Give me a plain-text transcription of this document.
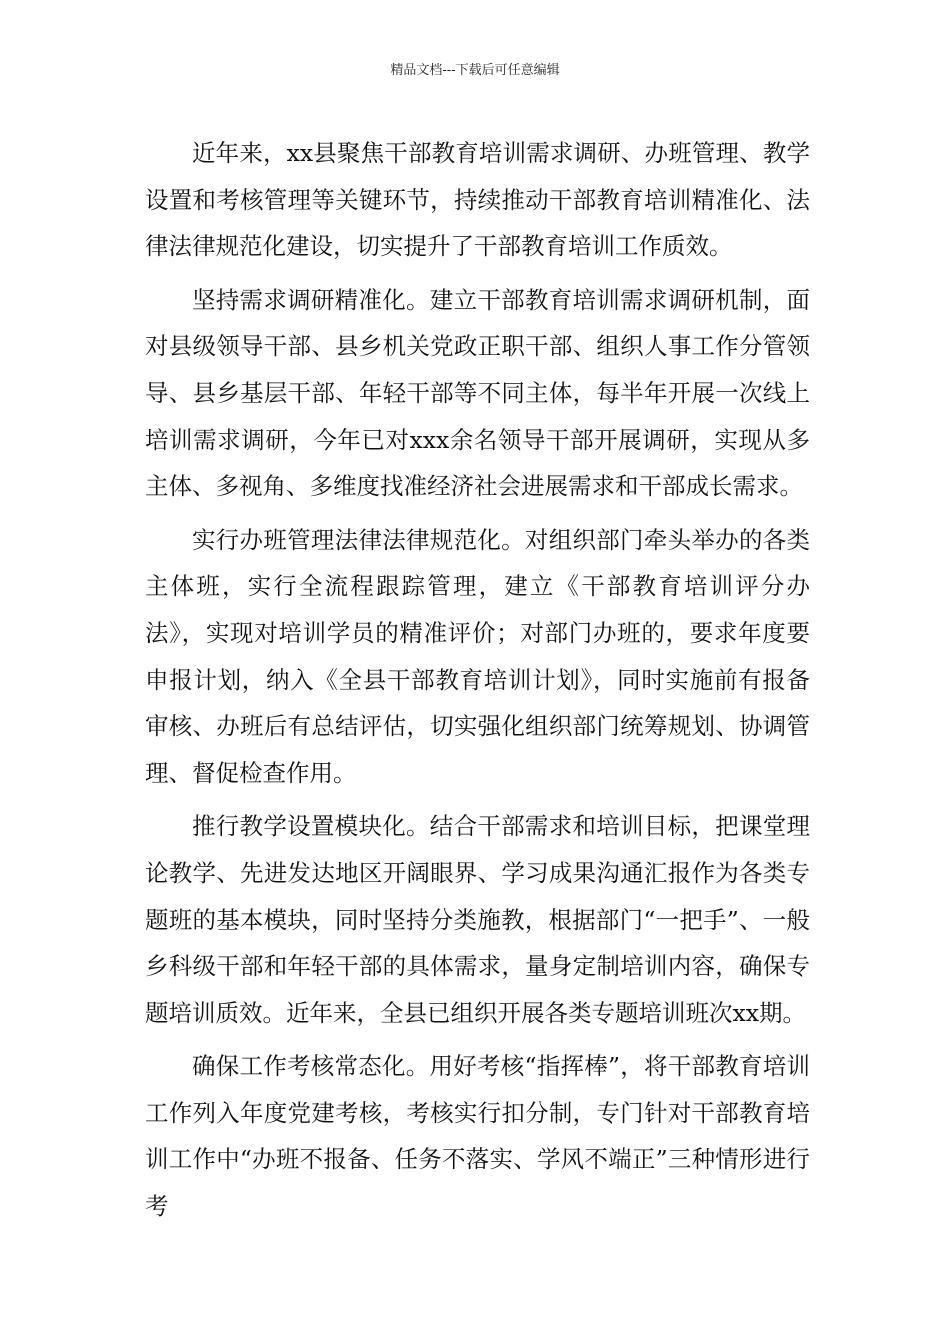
精品文档---下载后可任意编辑

近年来，xx县聚焦干部教育培训需求调研、办班管理、教学设置和考核管理等关键环节，持续推动干部教育培训精准化、法律法律规范化建设，切实提升了干部教育培训工作质效。

坚持需求调研精准化。建立干部教育培训需求调研机制，面对县级领导干部、县乡机关党政正职干部、组织人事工作分管领导、县乡基层干部、年轻干部等不同主体，每半年开展一次线上培训需求调研，今年已对xxx余名领导干部开展调研，实现从多主体、多视角、多维度找准经济社会进展需求和干部成长需求。

实行办班管理法律法律规范化。对组织部门牵头举办的各类主体班，实行全流程跟踪管理，建立《干部教育培训评分办法》，实现对培训学员的精准评价；对部门办班的，要求年度要申报计划，纳入《全县干部教育培训计划》，同时实施前有报备审核、办班后有总结评估，切实强化组织部门统筹规划、协调管理、督促检查作用。

推行教学设置模块化。结合干部需求和培训目标，把课堂理论教学、先进发达地区开阔眼界、学习成果沟通汇报作为各类专题班的基本模块，同时坚持分类施教，根据部门“一把手”、一般乡科级干部和年轻干部的具体需求，量身定制培训内容，确保专题培训质效。近年来，全县已组织开展各类专题培训班次xx期。

确保工作考核常态化。用好考核“指挥棒”，将干部教育培训工作列入年度党建考核，考核实行扣分制，专门针对干部教育培训工作中“办班不报备、任务不落实、学风不端正”三种情形进行考
